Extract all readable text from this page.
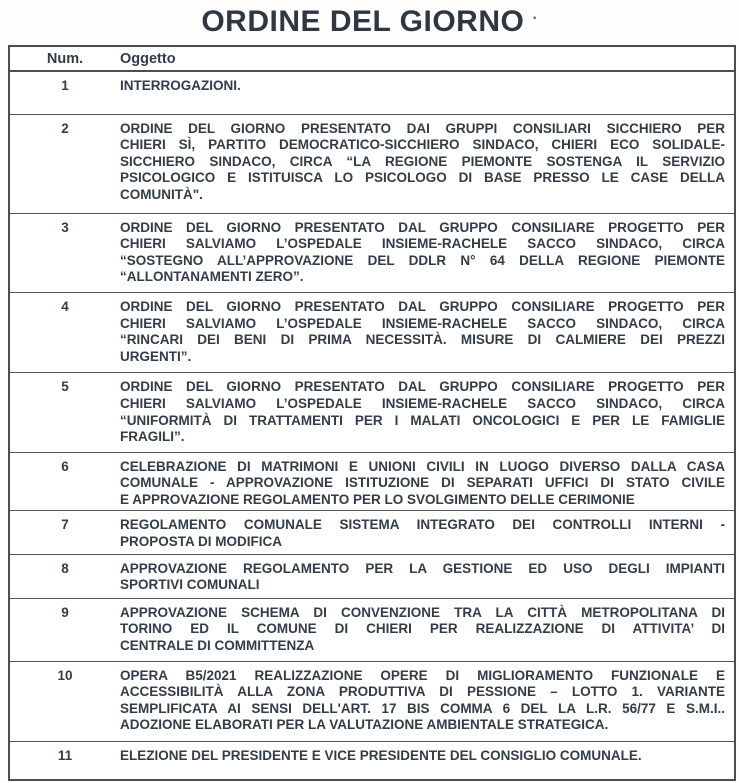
ORDINE DEL GIORNO ·
Num.	Oggetto
1	INTERROGAZIONI.
2	ORDINE DEL GIORNO PRESENTATO DAI GRUPPI CONSILIARI SICCHIERO PER
CHIERI SÌ, PARTITO DEMOCRATICO-SICCHIERO SINDACO, CHIERI ECO SOLIDALE-
SICCHIERO SINDACO, CIRCA “LA REGIONE PIEMONTE SOSTENGA IL SERVIZIO
PSICOLOGICO E ISTITUISCA LO PSICOLOGO DI BASE PRESSO LE CASE DELLA
COMUNITÀ".
3	ORDINE DEL GIORNO PRESENTATO DAL GRUPPO CONSILIARE PROGETTO PER
CHIERI SALVIAMO L’OSPEDALE INSIEME-RACHELE SACCO SINDACO, CIRCA
“SOSTEGNO ALL’APPROVAZIONE DEL DDLR N° 64 DELLA REGIONE PIEMONTE
“ALLONTANAMENTI ZERO”.
4	ORDINE DEL GIORNO PRESENTATO DAL GRUPPO CONSILIARE PROGETTO PER
CHIERI SALVIAMO L’OSPEDALE INSIEME-RACHELE SACCO SINDACO, CIRCA
“RINCARI DEI BENI DI PRIMA NECESSITÀ. MISURE DI CALMIERE DEI PREZZI
URGENTI”.
5	ORDINE DEL GIORNO PRESENTATO DAL GRUPPO CONSILIARE PROGETTO PER
CHIERI SALVIAMO L’OSPEDALE INSIEME-RACHELE SACCO SINDACO, CIRCA
“UNIFORMITÀ DI TRATTAMENTI PER I MALATI ONCOLOGICI E PER LE FAMIGLIE
FRAGILI”.
6	CELEBRAZIONE DI MATRIMONI E UNIONI CIVILI IN LUOGO DIVERSO DALLA CASA
COMUNALE - APPROVAZIONE ISTITUZIONE DI SEPARATI UFFICI DI STATO CIVILE
E APPROVAZIONE REGOLAMENTO PER LO SVOLGIMENTO DELLE CERIMONIE
7	REGOLAMENTO COMUNALE SISTEMA INTEGRATO DEI CONTROLLI INTERNI -
PROPOSTA DI MODIFICA
8	APPROVAZIONE REGOLAMENTO PER LA GESTIONE ED USO DEGLI IMPIANTI
SPORTIVI COMUNALI
9	APPROVAZIONE SCHEMA DI CONVENZIONE TRA LA CITTÀ METROPOLITANA DI
TORINO ED IL COMUNE DI CHIERI PER REALIZZAZIONE DI ATTIVITA’ DI
CENTRALE DI COMMITTENZA
10	OPERA B5/2021 REALIZZAZIONE OPERE DI MIGLIORAMENTO FUNZIONALE E
ACCESSIBILITÀ ALLA ZONA PRODUTTIVA DI PESSIONE – LOTTO 1. VARIANTE
SEMPLIFICATA AI SENSI DELL'ART. 17 BIS COMMA 6 DEL LA L.R. 56/77 E S.M.I..
ADOZIONE ELABORATI PER LA VALUTAZIONE AMBIENTALE STRATEGICA.
11	ELEZIONE DEL PRESIDENTE E VICE PRESIDENTE DEL CONSIGLIO COMUNALE.
